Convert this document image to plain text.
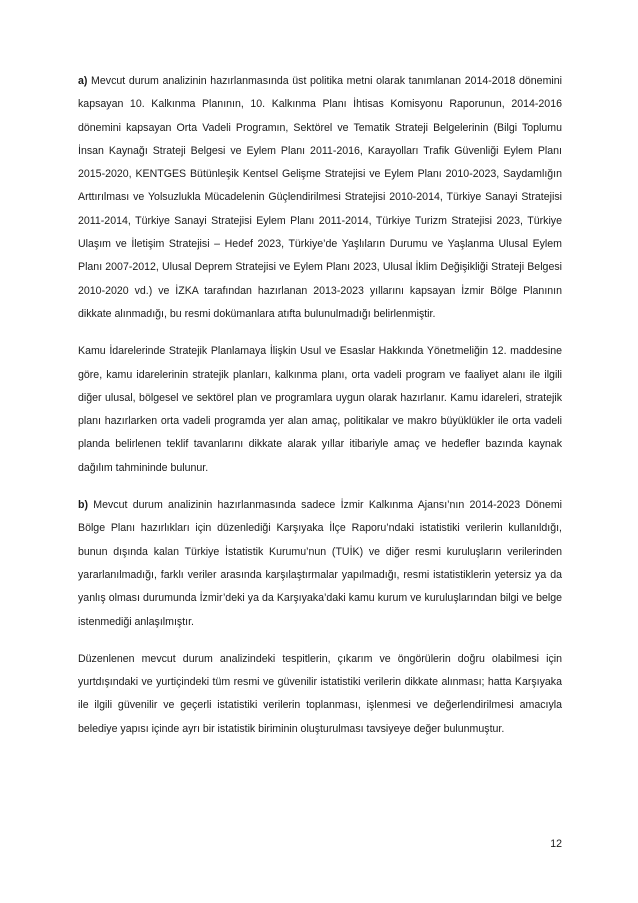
a) Mevcut durum analizinin hazırlanmasında üst politika metni olarak tanımlanan 2014-2018 dönemini kapsayan 10. Kalkınma Planının, 10. Kalkınma Planı İhtisas Komisyonu Raporunun, 2014-2016 dönemini kapsayan Orta Vadeli Programın, Sektörel ve Tematik Strateji Belgelerinin (Bilgi Toplumu İnsan Kaynağı Strateji Belgesi ve Eylem Planı 2011-2016, Karayolları Trafik Güvenliği Eylem Planı 2015-2020, KENTGES Bütünleşik Kentsel Gelişme Stratejisi ve Eylem Planı 2010-2023, Saydamlığın Arttırılması ve Yolsuzlukla Mücadelenin Güçlendirilmesi Stratejisi 2010-2014, Türkiye Sanayi Stratejisi 2011-2014, Türkiye Sanayi Stratejisi Eylem Planı 2011-2014, Türkiye Turizm Stratejisi 2023, Türkiye Ulaşım ve İletişim Stratejisi – Hedef 2023, Türkiye’de Yaşlıların Durumu ve Yaşlanma Ulusal Eylem Planı 2007-2012, Ulusal Deprem Stratejisi ve Eylem Planı 2023, Ulusal İklim Değişikliği Strateji Belgesi 2010-2020 vd.) ve İZKA tarafından hazırlanan 2013-2023 yıllarını kapsayan İzmir Bölge Planının dikkate alınmadığı, bu resmi dokümanlara atıfta bulunulmadığı belirlenmiştir.

Kamu İdarelerinde Stratejik Planlamaya İlişkin Usul ve Esaslar Hakkında Yönetmeliğin 12. maddesine göre, kamu idarelerinin stratejik planları, kalkınma planı, orta vadeli program ve faaliyet alanı ile ilgili diğer ulusal, bölgesel ve sektörel plan ve programlara uygun olarak hazırlanır. Kamu idareleri, stratejik planı hazırlarken orta vadeli programda yer alan amaç, politikalar ve makro büyüklükler ile orta vadeli planda belirlenen teklif tavanlarını dikkate alarak yıllar itibariyle amaç ve hedefler bazında kaynak dağılım tahmininde bulunur.

b) Mevcut durum analizinin hazırlanmasında sadece İzmir Kalkınma Ajansı’nın 2014-2023 Dönemi Bölge Planı hazırlıkları için düzenlediği Karşıyaka İlçe Raporu’ndaki istatistiki verilerin kullanıldığı, bunun dışında kalan Türkiye İstatistik Kurumu’nun (TUİK) ve diğer resmi kuruluşların verilerinden yararlanılmadığı, farklı veriler arasında karşılaştırmalar yapılmadığı, resmi istatistiklerin yetersiz ya da yanlış olması durumunda İzmir’deki ya da Karşıyaka’daki kamu kurum ve kuruluşlarından bilgi ve belge istenmediği anlaşılmıştır.

Düzenlenen mevcut durum analizindeki tespitlerin, çıkarım ve öngörülerin doğru olabilmesi için yurtdışındaki ve yurtiçindeki tüm resmi ve güvenilir istatistiki verilerin dikkate alınması; hatta Karşıyaka ile ilgili güvenilir ve geçerli istatistiki verilerin toplanması, işlenmesi ve değerlendirilmesi amacıyla belediye yapısı içinde ayrı bir istatistik biriminin oluşturulması tavsiyeye değer bulunmuştur.

12
